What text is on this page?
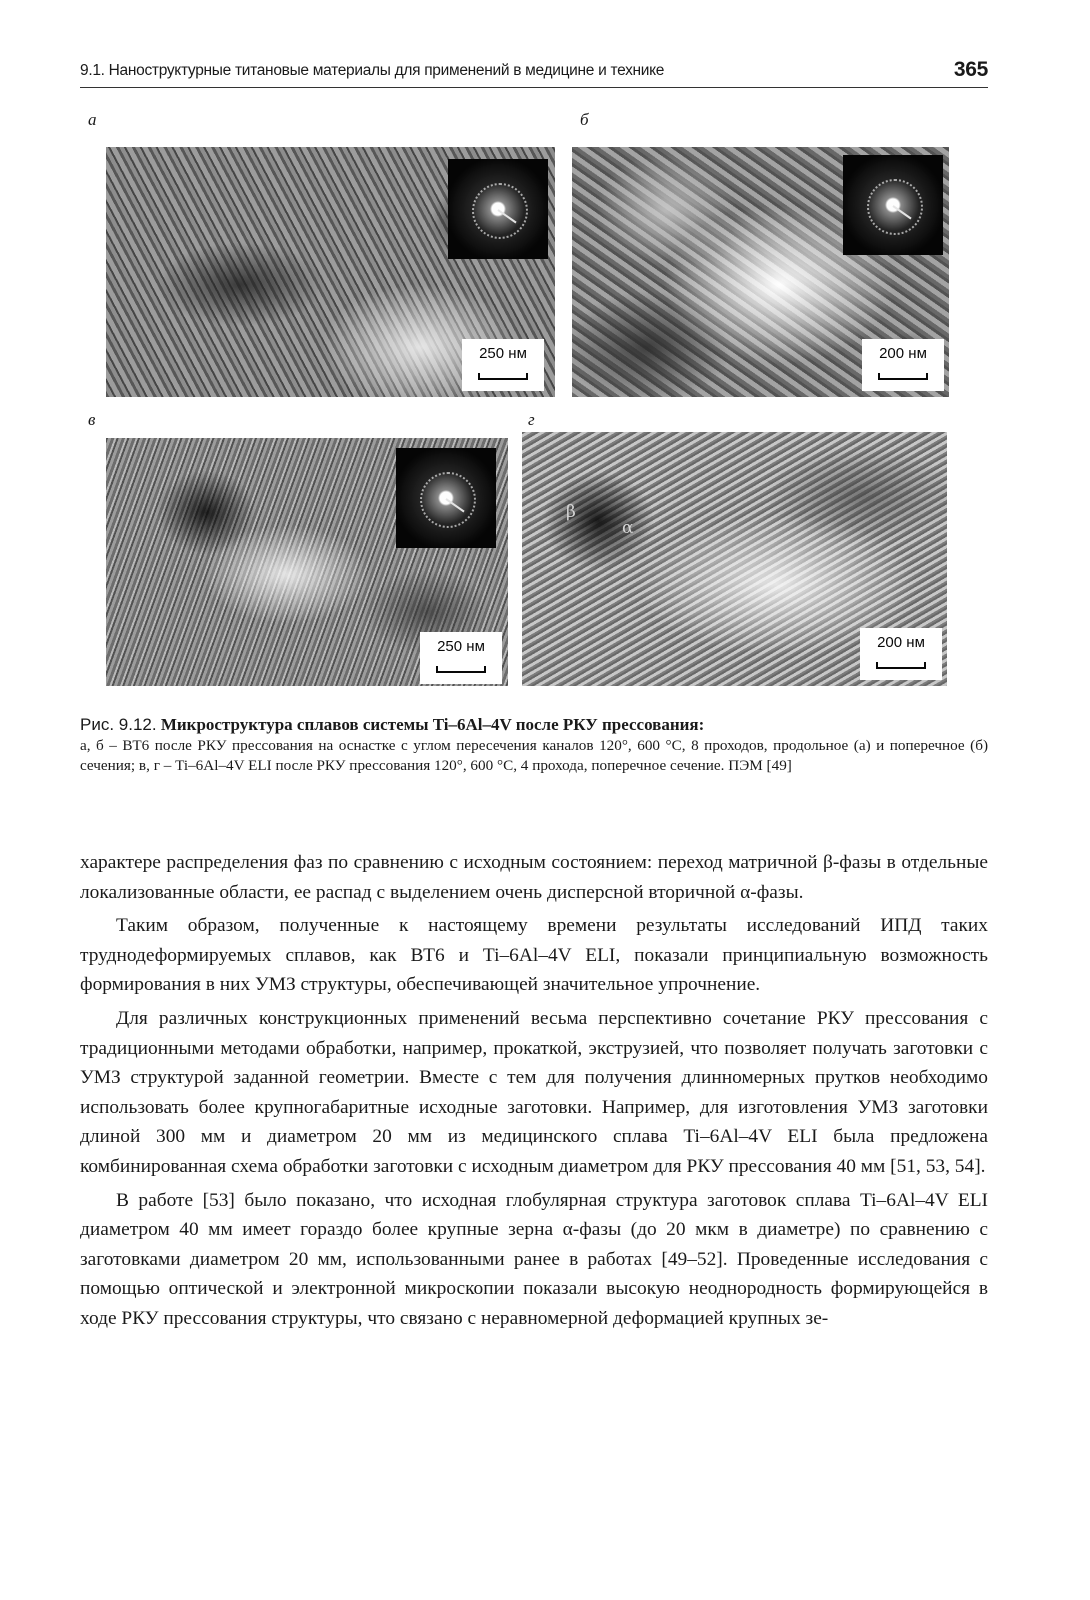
9.1. Наноструктурные титановые материалы для применений в медицине и технике	365
а
250 нм
б
200 нм
в
250 нм
г
β
α
200 нм
Рис. 9.12. Микроструктура сплавов системы Ti–6Al–4V после РКУ прессования:
а, б – ВТ6 после РКУ прессования на оснастке с углом пересечения каналов 120°, 600 °С, 8 проходов, продольное (а) и поперечное (б) сечения; в, г – Ti–6Al–4V ELI после РКУ прессования 120°, 600 °С, 4 прохода, поперечное сечение. ПЭМ [49]

характере распределения фаз по сравнению с исходным состоянием: переход матричной β-фазы в отдельные локализованные области, ее распад с выделением очень дисперсной вторичной α-фазы.

Таким образом, полученные к настоящему времени результаты исследований ИПД таких труднодеформируемых сплавов, как ВТ6 и Ti–6Al–4V ELI, показали принципиальную возможность формирования в них УМЗ структуры, обеспечивающей значительное упрочнение.

Для различных конструкционных применений весьма перспективно сочетание РКУ прессования с традиционными методами обработки, например, прокаткой, экструзией, что позволяет получать заготовки с УМЗ структурой заданной геометрии. Вместе с тем для получения длинномерных прутков необходимо использовать более крупногабаритные исходные заготовки. Например, для изготовления УМЗ заготовки длиной 300 мм и диаметром 20 мм из медицинского сплава Ti–6Al–4V ELI была предложена комбинированная схема обработки заготовки с исходным диаметром для РКУ прессования 40 мм [51, 53, 54].

В работе [53] было показано, что исходная глобулярная структура заготовок сплава Ti–6Al–4V ELI диаметром 40 мм имеет гораздо более крупные зерна α-фазы (до 20 мкм в диаметре) по сравнению с заготовками диаметром 20 мм, использованными ранее в работах [49–52]. Проведенные исследования с помощью оптической и электронной микроскопии показали высокую неоднородность формирующейся в ходе РКУ прессования структуры, что связано с неравномерной деформацией крупных зе-
